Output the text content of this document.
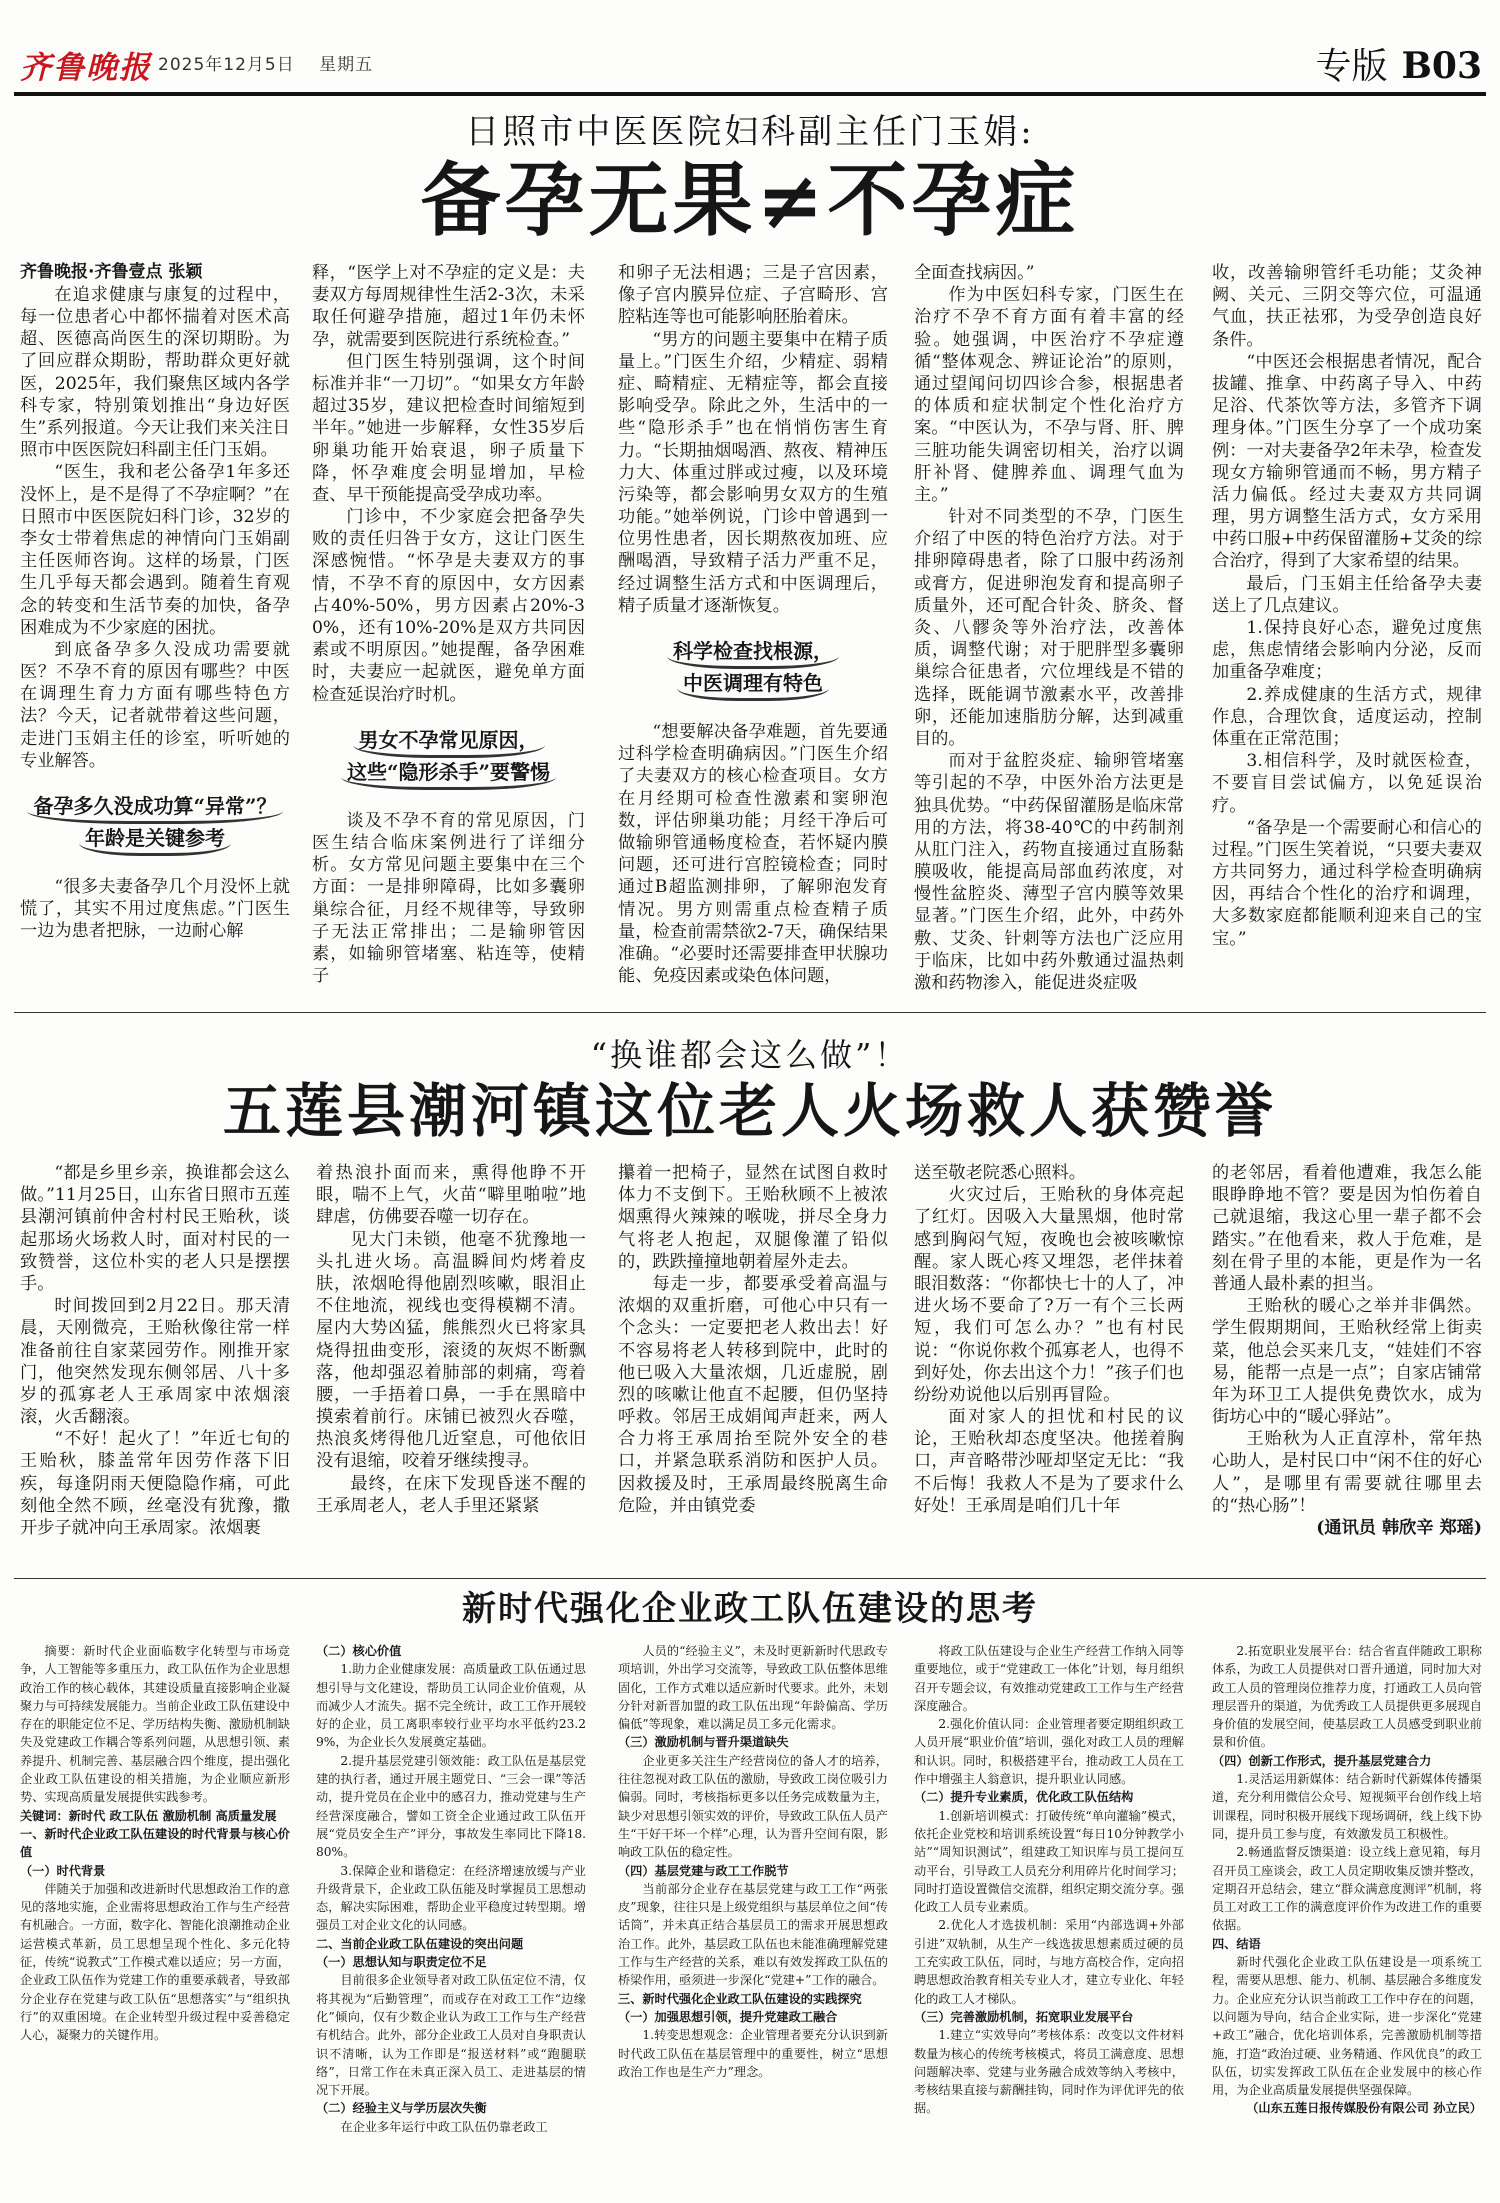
齐鲁晚报 2025年12月5日 星期五	专版 B03
日照市中医医院妇科副主任门玉娟:
备孕无果≠不孕症

齐鲁晚报·齐鲁壹点 张颖

在追求健康与康复的过程中，每一位患者心中都怀揣着对医术高超、医德高尚医生的深切期盼。为了回应群众期盼，帮助群众更好就医，2025年，我们聚焦区域内各学科专家，特别策划推出“身边好医生”系列报道。今天让我们来关注日照市中医医院妇科副主任门玉娟。

“医生，我和老公备孕1年多还没怀上，是不是得了不孕症啊？”在日照市中医医院妇科门诊，32岁的李女士带着焦虑的神情向门玉娟副主任医师咨询。这样的场景，门医生几乎每天都会遇到。随着生育观念的转变和生活节奏的加快，备孕困难成为不少家庭的困扰。

到底备孕多久没成功需要就医？不孕不育的原因有哪些？中医在调理生育力方面有哪些特色方法？今天，记者就带着这些问题，走进门玉娟主任的诊室，听听她的专业解答。

备孕多久没成功算“异常”？
年龄是关键参考

“很多夫妻备孕几个月没怀上就慌了，其实不用过度焦虑。”门医生一边为患者把脉，一边耐心解

释，“医学上对不孕症的定义是：夫妻双方每周规律性生活2-3次，未采取任何避孕措施，超过1年仍未怀孕，就需要到医院进行系统检查。”

但门医生特别强调，这个时间标准并非“一刀切”。“如果女方年龄超过35岁，建议把检查时间缩短到半年。”她进一步解释，女性35岁后卵巢功能开始衰退，卵子质量下降，怀孕难度会明显增加，早检查、早干预能提高受孕成功率。

门诊中，不少家庭会把备孕失败的责任归咎于女方，这让门医生深感惋惜。“怀孕是夫妻双方的事情，不孕不育的原因中，女方因素占40%-50%，男方因素占20%-30%，还有10%-20%是双方共同因素或不明原因。”她提醒，备孕困难时，夫妻应一起就医，避免单方面检查延误治疗时机。

男女不孕常见原因，
这些“隐形杀手”要警惕

谈及不孕不育的常见原因，门医生结合临床案例进行了详细分析。女方常见问题主要集中在三个方面：一是排卵障碍，比如多囊卵巢综合征，月经不规律等，导致卵子无法正常排出；二是输卵管因素，如输卵管堵塞、粘连等，使精子

和卵子无法相遇；三是子宫因素，像子宫内膜异位症、子宫畸形、宫腔粘连等也可能影响胚胎着床。

“男方的问题主要集中在精子质量上。”门医生介绍，少精症、弱精症、畸精症、无精症等，都会直接影响受孕。除此之外，生活中的一些“隐形杀手”也在悄悄伤害生育力。“长期抽烟喝酒、熬夜、精神压力大、体重过胖或过瘦，以及环境污染等，都会影响男女双方的生殖功能。”她举例说，门诊中曾遇到一位男性患者，因长期熬夜加班、应酬喝酒，导致精子活力严重不足，经过调整生活方式和中医调理后，精子质量才逐渐恢复。

科学检查找根源，
中医调理有特色

“想要解决备孕难题，首先要通过科学检查明确病因。”门医生介绍了夫妻双方的核心检查项目。女方在月经期可检查性激素和窦卵泡数，评估卵巢功能；月经干净后可做输卵管通畅度检查，若怀疑内膜问题，还可进行宫腔镜检查；同时通过B超监测排卵，了解卵泡发育情况。男方则需重点检查精子质量，检查前需禁欲2-7天，确保结果准确。“必要时还需要排查甲状腺功能、免疫因素或染色体问题，

全面查找病因。”

作为中医妇科专家，门医生在治疗不孕不育方面有着丰富的经验。她强调，中医治疗不孕症遵循“整体观念、辨证论治”的原则，通过望闻问切四诊合参，根据患者的体质和症状制定个性化治疗方案。“中医认为，不孕与肾、肝、脾三脏功能失调密切相关，治疗以调肝补肾、健脾养血、调理气血为主。”

针对不同类型的不孕，门医生介绍了中医的特色治疗方法。对于排卵障碍患者，除了口服中药汤剂或膏方，促进卵泡发育和提高卵子质量外，还可配合针灸、脐灸、督灸、八髎灸等外治疗法，改善体质，调整代谢；对于肥胖型多囊卵巢综合征患者，穴位埋线是不错的选择，既能调节激素水平，改善排卵，还能加速脂肪分解，达到减重目的。

而对于盆腔炎症、输卵管堵塞等引起的不孕，中医外治方法更是独具优势。“中药保留灌肠是临床常用的方法，将38-40℃的中药制剂从肛门注入，药物直接通过直肠黏膜吸收，能提高局部血药浓度，对慢性盆腔炎、薄型子宫内膜等效果显著。”门医生介绍，此外，中药外敷、艾灸、针刺等方法也广泛应用于临床，比如中药外敷通过温热刺激和药物渗入，能促进炎症吸

收，改善输卵管纤毛功能；艾灸神阙、关元、三阴交等穴位，可温通气血，扶正祛邪，为受孕创造良好条件。

“中医还会根据患者情况，配合拔罐、推拿、中药离子导入、中药足浴、代茶饮等方法，多管齐下调理身体。”门医生分享了一个成功案例：一对夫妻备孕2年未孕，检查发现女方输卵管通而不畅，男方精子活力偏低。经过夫妻双方共同调理，男方调整生活方式，女方采用中药口服+中药保留灌肠+艾灸的综合治疗，得到了大家希望的结果。

最后，门玉娟主任给备孕夫妻送上了几点建议。

1.保持良好心态，避免过度焦虑，焦虑情绪会影响内分泌，反而加重备孕难度；

2.养成健康的生活方式，规律作息，合理饮食，适度运动，控制体重在正常范围；

3.相信科学，及时就医检查，不要盲目尝试偏方，以免延误治疗。

“备孕是一个需要耐心和信心的过程。”门医生笑着说，“只要夫妻双方共同努力，通过科学检查明确病因，再结合个性化的治疗和调理，大多数家庭都能顺利迎来自己的宝宝。”

“换谁都会这么做”！
五莲县潮河镇这位老人火场救人获赞誉

“都是乡里乡亲，换谁都会这么做。”11月25日，山东省日照市五莲县潮河镇前仲舍村村民王贻秋，谈起那场火场救人时，面对村民的一致赞誉，这位朴实的老人只是摆摆手。

时间拨回到2月22日。那天清晨，天刚微亮，王贻秋像往常一样准备前往自家菜园劳作。刚推开家门，他突然发现东侧邻居、八十多岁的孤寡老人王承周家中浓烟滚滚，火舌翻滚。

“不好！起火了！”年近七旬的王贻秋，膝盖常年因劳作落下旧疾，每逢阴雨天便隐隐作痛，可此刻他全然不顾，丝毫没有犹豫，撒开步子就冲向王承周家。浓烟裹

着热浪扑面而来，熏得他睁不开眼，喘不上气，火苗“噼里啪啦”地肆虐，仿佛要吞噬一切存在。

见大门未锁，他毫不犹豫地一头扎进火场。高温瞬间灼烤着皮肤，浓烟呛得他剧烈咳嗽，眼泪止不住地流，视线也变得模糊不清。屋内大势凶猛，熊熊烈火已将家具烧得扭曲变形，滚烫的灰烬不断飘落，他却强忍着肺部的刺痛，弯着腰，一手捂着口鼻，一手在黑暗中摸索着前行。床铺已被烈火吞噬，热浪炙烤得他几近窒息，可他依旧没有退缩，咬着牙继续搜寻。

最终，在床下发现昏迷不醒的王承周老人，老人手里还紧紧

攥着一把椅子，显然在试图自救时体力不支倒下。王贻秋顾不上被浓烟熏得火辣辣的喉咙，拼尽全身力气将老人抱起，双腿像灌了铅似的，跌跌撞撞地朝着屋外走去。

每走一步，都要承受着高温与浓烟的双重折磨，可他心中只有一个念头：一定要把老人救出去！好不容易将老人转移到院中，此时的他已吸入大量浓烟，几近虚脱，剧烈的咳嗽让他直不起腰，但仍坚持呼救。邻居王成娟闻声赶来，两人合力将王承周抬至院外安全的巷口，并紧急联系消防和医护人员。因救援及时，王承周最终脱离生命危险，并由镇党委

送至敬老院悉心照料。

火灾过后，王贻秋的身体亮起了红灯。因吸入大量黑烟，他时常感到胸闷气短，夜晚也会被咳嗽惊醒。家人既心疼又埋怨，老伴抹着眼泪数落：“你都快七十的人了，冲进火场不要命了?万一有个三长两短，我们可怎么办？”也有村民说：“你说你救个孤寡老人，也得不到好处，你去出这个力！”孩子们也纷纷劝说他以后别再冒险。

面对家人的担忧和村民的议论，王贻秋却态度坚决。他搓着胸口，声音略带沙哑却坚定无比：“我不后悔！我救人不是为了要求什么好处！王承周是咱们几十年

的老邻居，看着他遭难，我怎么能眼睁睁地不管？要是因为怕伤着自己就退缩，我这心里一辈子都不会踏实。”在他看来，救人于危难，是刻在骨子里的本能，更是作为一名普通人最朴素的担当。

王贻秋的暖心之举并非偶然。学生假期期间，王贻秋经常上街卖菜，他总会买来几支，“娃娃们不容易，能帮一点是一点”；自家店铺常年为环卫工人提供免费饮水，成为街坊心中的“暖心驿站”。

王贻秋为人正直淳朴，常年热心助人，是村民口中“闲不住的好心人”，是哪里有需要就往哪里去的“热心肠”！

(通讯员 韩欣辛 郑瑶)

新时代强化企业政工队伍建设的思考

摘要：新时代企业面临数字化转型与市场竞争，人工智能等多重压力，政工队伍作为企业思想政治工作的核心载体，其建设质量直接影响企业凝聚力与可持续发展能力。当前企业政工队伍建设中存在的职能定位不足、学历结构失衡、激励机制缺失及党建政工作耦合等系列问题，从思想引领、素养提升、机制完善、基层融合四个维度，提出强化企业政工队伍建设的相关措施，为企业顺应新形势、实现高质量发展提供实践参考。

关键词：新时代 政工队伍 激励机制 高质量发展

一、新时代企业政工队伍建设的时代背景与核心价值

（一）时代背景

伴随关于加强和改进新时代思想政治工作的意见的落地实施，企业需将思想政治工作与生产经营有机融合。一方面，数字化、智能化浪潮推动企业运营模式革新，员工思想呈现个性化、多元化特征，传统“说教式”工作模式难以适应；另一方面，企业政工队伍作为党建工作的重要承载者，导致部分企业存在党建与政工队伍“思想落实”与“组织执行”的双重困境。在企业转型升级过程中妥善稳定人心，凝聚力的关键作用。

（二）核心价值

1.助力企业健康发展：高质量政工队伍通过思想引导与文化建设，帮助员工认同企业价值观，从而减少人才流失。据不完全统计，政工工作开展较好的企业，员工离职率较行业平均水平低约23.29%，为企业长久发展奠定基础。

2.提升基层党建引领效能：政工队伍是基层党建的执行者，通过开展主题党日、“三会一课”等活动，提升党员在企业中的感召力，推动党建与生产经营深度融合，譬如工资全企业通过政工队伍开展“党员安全生产”评分，事故发生率同比下降18.80%。

3.保障企业和谐稳定：在经济增速放缓与产业升级背景下，企业政工队伍能及时掌握员工思想动态，解决实际困难，帮助企业平稳度过转型期。增强员工对企业文化的认同感。

二、当前企业政工队伍建设的突出问题

（一）思想认知与职责定位不足

目前很多企业领导者对政工队伍定位不清，仅将其视为“后勤管理”，而或存在对政工工作“边缘化”倾向，仅有少数企业认为政工工作与生产经营有机结合。此外，部分企业政工人员对自身职责认识不清晰，认为工作即是“报送材料”或“跑腿联络”，日常工作在未真正深入员工、走进基层的情况下开展。

（二）经验主义与学历层次失衡

在企业多年运行中政工队伍仍靠老政工

人员的“经验主义”，未及时更新新时代思政专项培训，外出学习交流等，导致政工队伍整体思维固化，工作方式难以适应新时代要求。此外，未划分针对新晋加盟的政工队伍出现“年龄偏高、学历偏低”等现象，难以满足员工多元化需求。

（三）激励机制与晋升渠道缺失

企业更多关注生产经营岗位的备人才的培养，往往忽视对政工队伍的激励，导致政工岗位吸引力偏弱。同时，考核指标更多以任务完成数量为主，缺少对思想引领实效的评价，导致政工队伍人员产生“干好干坏一个样”心理，认为晋升空间有限，影响政工队伍的稳定性。

（四）基层党建与政工工作脱节

当前部分企业存在基层党建与政工工作“两张皮”现象，往往只是上级党组织与基层单位之间“传话筒”，并未真正结合基层员工的需求开展思想政治工作。此外，基层政工队伍也未能准确理解党建工作与生产经营的关系，难以有效发挥政工队伍的桥梁作用，亟须进一步深化“党建+”工作的融合。

三、新时代强化企业政工队伍建设的实践探究

（一）加强思想引领，提升党建政工融合

1.转变思想观念：企业管理者要充分认识到新时代政工队伍在基层管理中的重要性，树立“思想政治工作也是生产力”理念。

将政工队伍建设与企业生产经营工作纳入同等重要地位，或于“党建政工一体化”计划，每月组织召开专题会议，有效推动党建政工工作与生产经营深度融合。

2.强化价值认同：企业管理者要定期组织政工人员开展“职业价值”培训，强化对政工人员的理解和认识。同时，积极搭建平台，推动政工人员在工作中增强主人翁意识，提升职业认同感。

（二）提升专业素质，优化政工队伍结构

1.创新培训模式：打破传统“单向灌输”模式，依托企业党校和培训系统设置“每日10分钟教学小站”“周知识测试”，组建政工知识库与员工提问互动平台，引导政工人员充分利用碎片化时间学习；同时打造设置微信交流群，组织定期交流分享。强化政工人员专业素质。

2.优化人才选拔机制：采用“内部选调+外部引进”双轨制，从生产一线选拔思想素质过硬的员工充实政工队伍，同时，与地方高校合作，定向招聘思想政治教育相关专业人才，建立专业化、年轻化的政工人才梯队。

（三）完善激励机制，拓宽职业发展平台

1.建立“实效导向”考核体系：改变以文件材料数量为核心的传统考核模式，将员工满意度、思想问题解决率、党建与业务融合成效等纳入考核中，考核结果直接与薪酬挂钩，同时作为评优评先的依据。

2.拓宽职业发展平台：结合省直伴随政工职称体系，为政工人员提供对口晋升通道，同时加大对政工人员的管理岗位推荐力度，打通政工人员向管理层晋升的渠道，为优秀政工人员提供更多展现自身价值的发展空间，使基层政工人员感受到职业前景和价值。

（四）创新工作形式，提升基层党建合力

1.灵活运用新媒体：结合新时代新媒体传播渠道，充分利用微信公众号、短视频平台创作线上培训课程，同时积极开展线下现场调研，线上线下协同，提升员工参与度，有效激发员工积极性。

2.畅通监督反馈渠道：设立线上意见箱，每月召开员工座谈会，政工人员定期收集反馈并整改，定期召开总结会，建立“群众满意度测评”机制，将员工对政工工作的满意度评价作为改进工作的重要依据。

四、结语

新时代强化企业政工队伍建设是一项系统工程，需要从思想、能力、机制、基层融合多维度发力。企业应充分认识当前政工工作中存在的问题，以问题为导向，结合企业实际，进一步深化“党建+政工”融合，优化培训体系，完善激励机制等措施，打造“政治过硬、业务精通、作风优良”的政工队伍，切实发挥政工队伍在企业发展中的核心作用，为企业高质量发展提供坚强保障。

（山东五莲日报传媒股份有限公司 孙立民）
